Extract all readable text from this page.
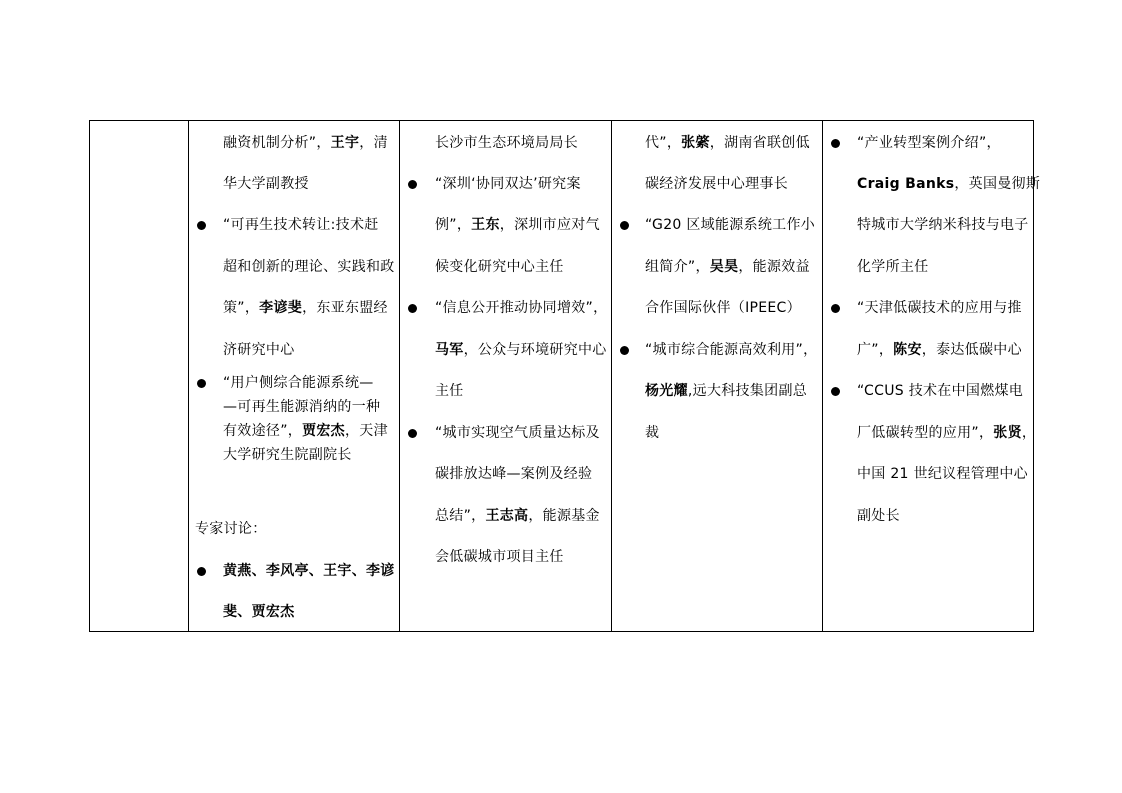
融资机制分析”，王宇，清
华大学副教授
“可再生技术转让:技术赶
超和创新的理论、实践和政
策”，李谚斐，东亚东盟经
济研究中心
“用户侧综合能源系统—
—可再生能源消纳的一种
有效途径”，贾宏杰，天津
大学研究生院副院长
专家讨论：
黄燕、李风亭、王宇、李谚
斐、贾宏杰
长沙市生态环境局局长
“深圳‘协同双达’研究案
例”，王东，深圳市应对气
候变化研究中心主任
“信息公开推动协同增效”，
马军，公众与环境研究中心
主任
“城市实现空气质量达标及
碳排放达峰—案例及经验
总结”，王志高，能源基金
会低碳城市项目主任
代”，张綮，湖南省联创低
碳经济发展中心理事长
“G20 区域能源系统工作小
组简介”，吴昊，能源效益
合作国际伙伴（IPEEC）
“城市综合能源高效利用”，
杨光耀,远大科技集团副总
裁
“产业转型案例介绍”，
Craig Banks，英国曼彻斯
特城市大学纳米科技与电子
化学所主任
“天津低碳技术的应用与推
广”，陈安，泰达低碳中心
“CCUS 技术在中国燃煤电
厂低碳转型的应用”，张贤，
中国 21 世纪议程管理中心
副处长
